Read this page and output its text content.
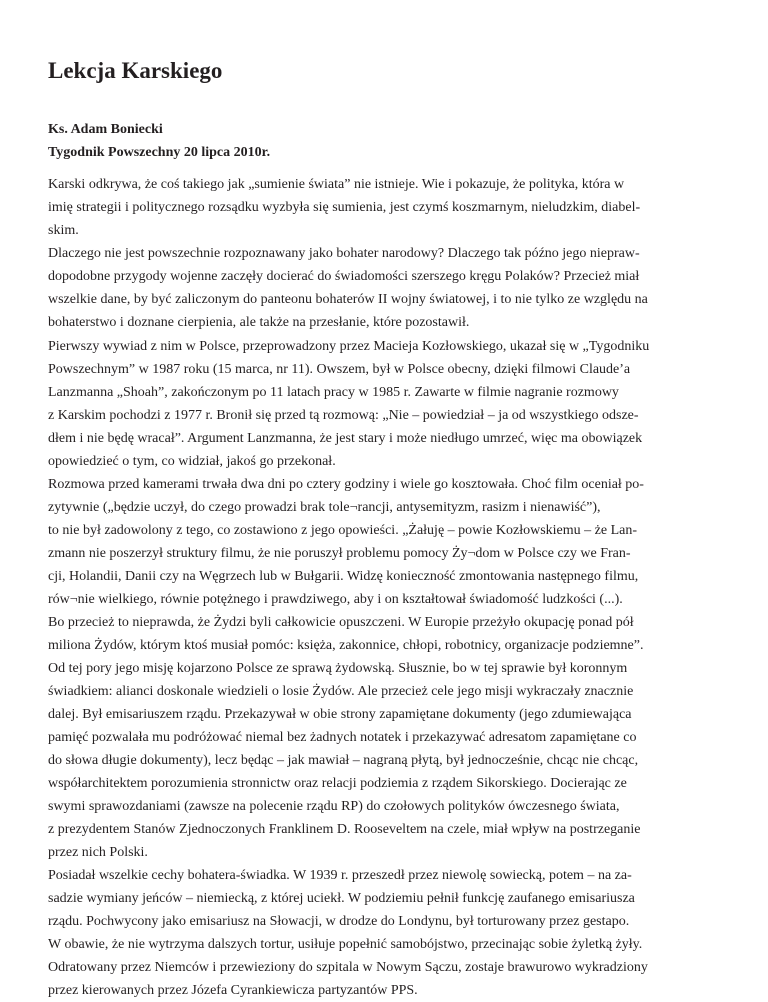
Lekcja Karskiego
Ks. Adam Boniecki
Tygodnik Powszechny 20 lipca 2010r.
Karski odkrywa, że coś takiego jak „sumienie świata” nie istnieje. Wie i pokazuje, że polityka, która w
imię strategii i politycznego rozsądku wyzbyła się sumienia, jest czymś koszmarnym, nieludzkim, diabel-
skim.
Dlaczego nie jest powszechnie rozpoznawany jako bohater narodowy? Dlaczego tak późno jego niepraw-
dopodobne przygody wojenne zaczęły docierać do świadomości szerszego kręgu Polaków? Przecież miał
wszelkie dane, by być zaliczonym do panteonu bohaterów II wojny światowej, i to nie tylko ze względu na
bohaterstwo i doznane cierpienia, ale także na przesłanie, które pozostawił.
Pierwszy wywiad z nim w Polsce, przeprowadzony przez Macieja Kozłowskiego, ukazał się w „Tygodniku
Powszechnym” w 1987 roku (15 marca, nr 11). Owszem, był w Polsce obecny, dzięki filmowi Claude’a
Lanzmanna „Shoah”, zakończonym po 11 latach pracy w 1985 r. Zawarte w filmie nagranie rozmowy
z Karskim pochodzi z 1977 r. Bronił się przed tą rozmową: „Nie – powiedział – ja od wszystkiego odsze-
dłem i nie będę wracał”. Argument Lanzmanna, że jest stary i może niedługo umrzeć, więc ma obowiązek
opowiedzieć o tym, co widział, jakoś go przekonał.
Rozmowa przed kamerami trwała dwa dni po cztery godziny i wiele go kosztowała. Choć film oceniał po-
zytywnie („będzie uczył, do czego prowadzi brak tole¬rancji, antysemityzm, rasizm i nienawiść”),
to nie był zadowolony z tego, co zostawiono z jego opowieści. „Żałuję – powie Kozłowskiemu – że Lan-
zmann nie poszerzył struktury filmu, że nie poruszył problemu pomocy Ży¬dom w Polsce czy we Fran-
cji, Holandii, Danii czy na Węgrzech lub w Bułgarii. Widzę konieczność zmontowania następnego filmu,
rów¬nie wielkiego, równie potężnego i prawdziwego, aby i on kształtował świadomość ludzkości (...).
Bo przecież to nieprawda, że Żydzi byli całkowicie opuszczeni. W Europie przeżyło okupację ponad pół
miliona Żydów, którym ktoś musiał pomóc: księża, zakonnice, chłopi, robotnicy, organizacje podziemne”.
Od tej pory jego misję kojarzono Polsce ze sprawą żydowską. Słusznie, bo w tej sprawie był koronnym
świadkiem: alianci doskonale wiedzieli o losie Żydów. Ale przecież cele jego misji wykraczały znacznie
dalej. Był emisariuszem rządu. Przekazywał w obie strony zapamiętane dokumenty (jego zdumiewająca
pamięć pozwalała mu podróżować niemal bez żadnych notatek i przekazywać adresatom zapamiętane co
do słowa długie dokumenty), lecz będąc – jak mawiał – nagraną płytą, był jednocześnie, chcąc nie chcąc,
współarchitektem porozumienia stronnictw oraz relacji podziemia z rządem Sikorskiego. Docierając ze
swymi sprawozdaniami (zawsze na polecenie rządu RP) do czołowych polityków ówczesnego świata,
z prezydentem Stanów Zjednoczonych Franklinem D. Rooseveltem na czele, miał wpływ na postrzeganie
przez nich Polski.
Posiadał wszelkie cechy bohatera-świadka. W 1939 r. przeszedł przez niewolę sowiecką, potem – na za-
sadzie wymiany jeńców – niemiecką, z której uciekł. W podziemiu pełnił funkcję zaufanego emisariusza
rządu. Pochwycony jako emisariusz na Słowacji, w drodze do Londynu, był torturowany przez gestapo.
W obawie, że nie wytrzyma dalszych tortur, usiłuje popełnić samobójstwo, przecinając sobie żyletką żyły.
Odratowany przez Niemców i przewieziony do szpitala w Nowym Sączu, zostaje brawurowo wykradziony
przez kierowanych przez Józefa Cyrankiewicza partyzantów PPS.
